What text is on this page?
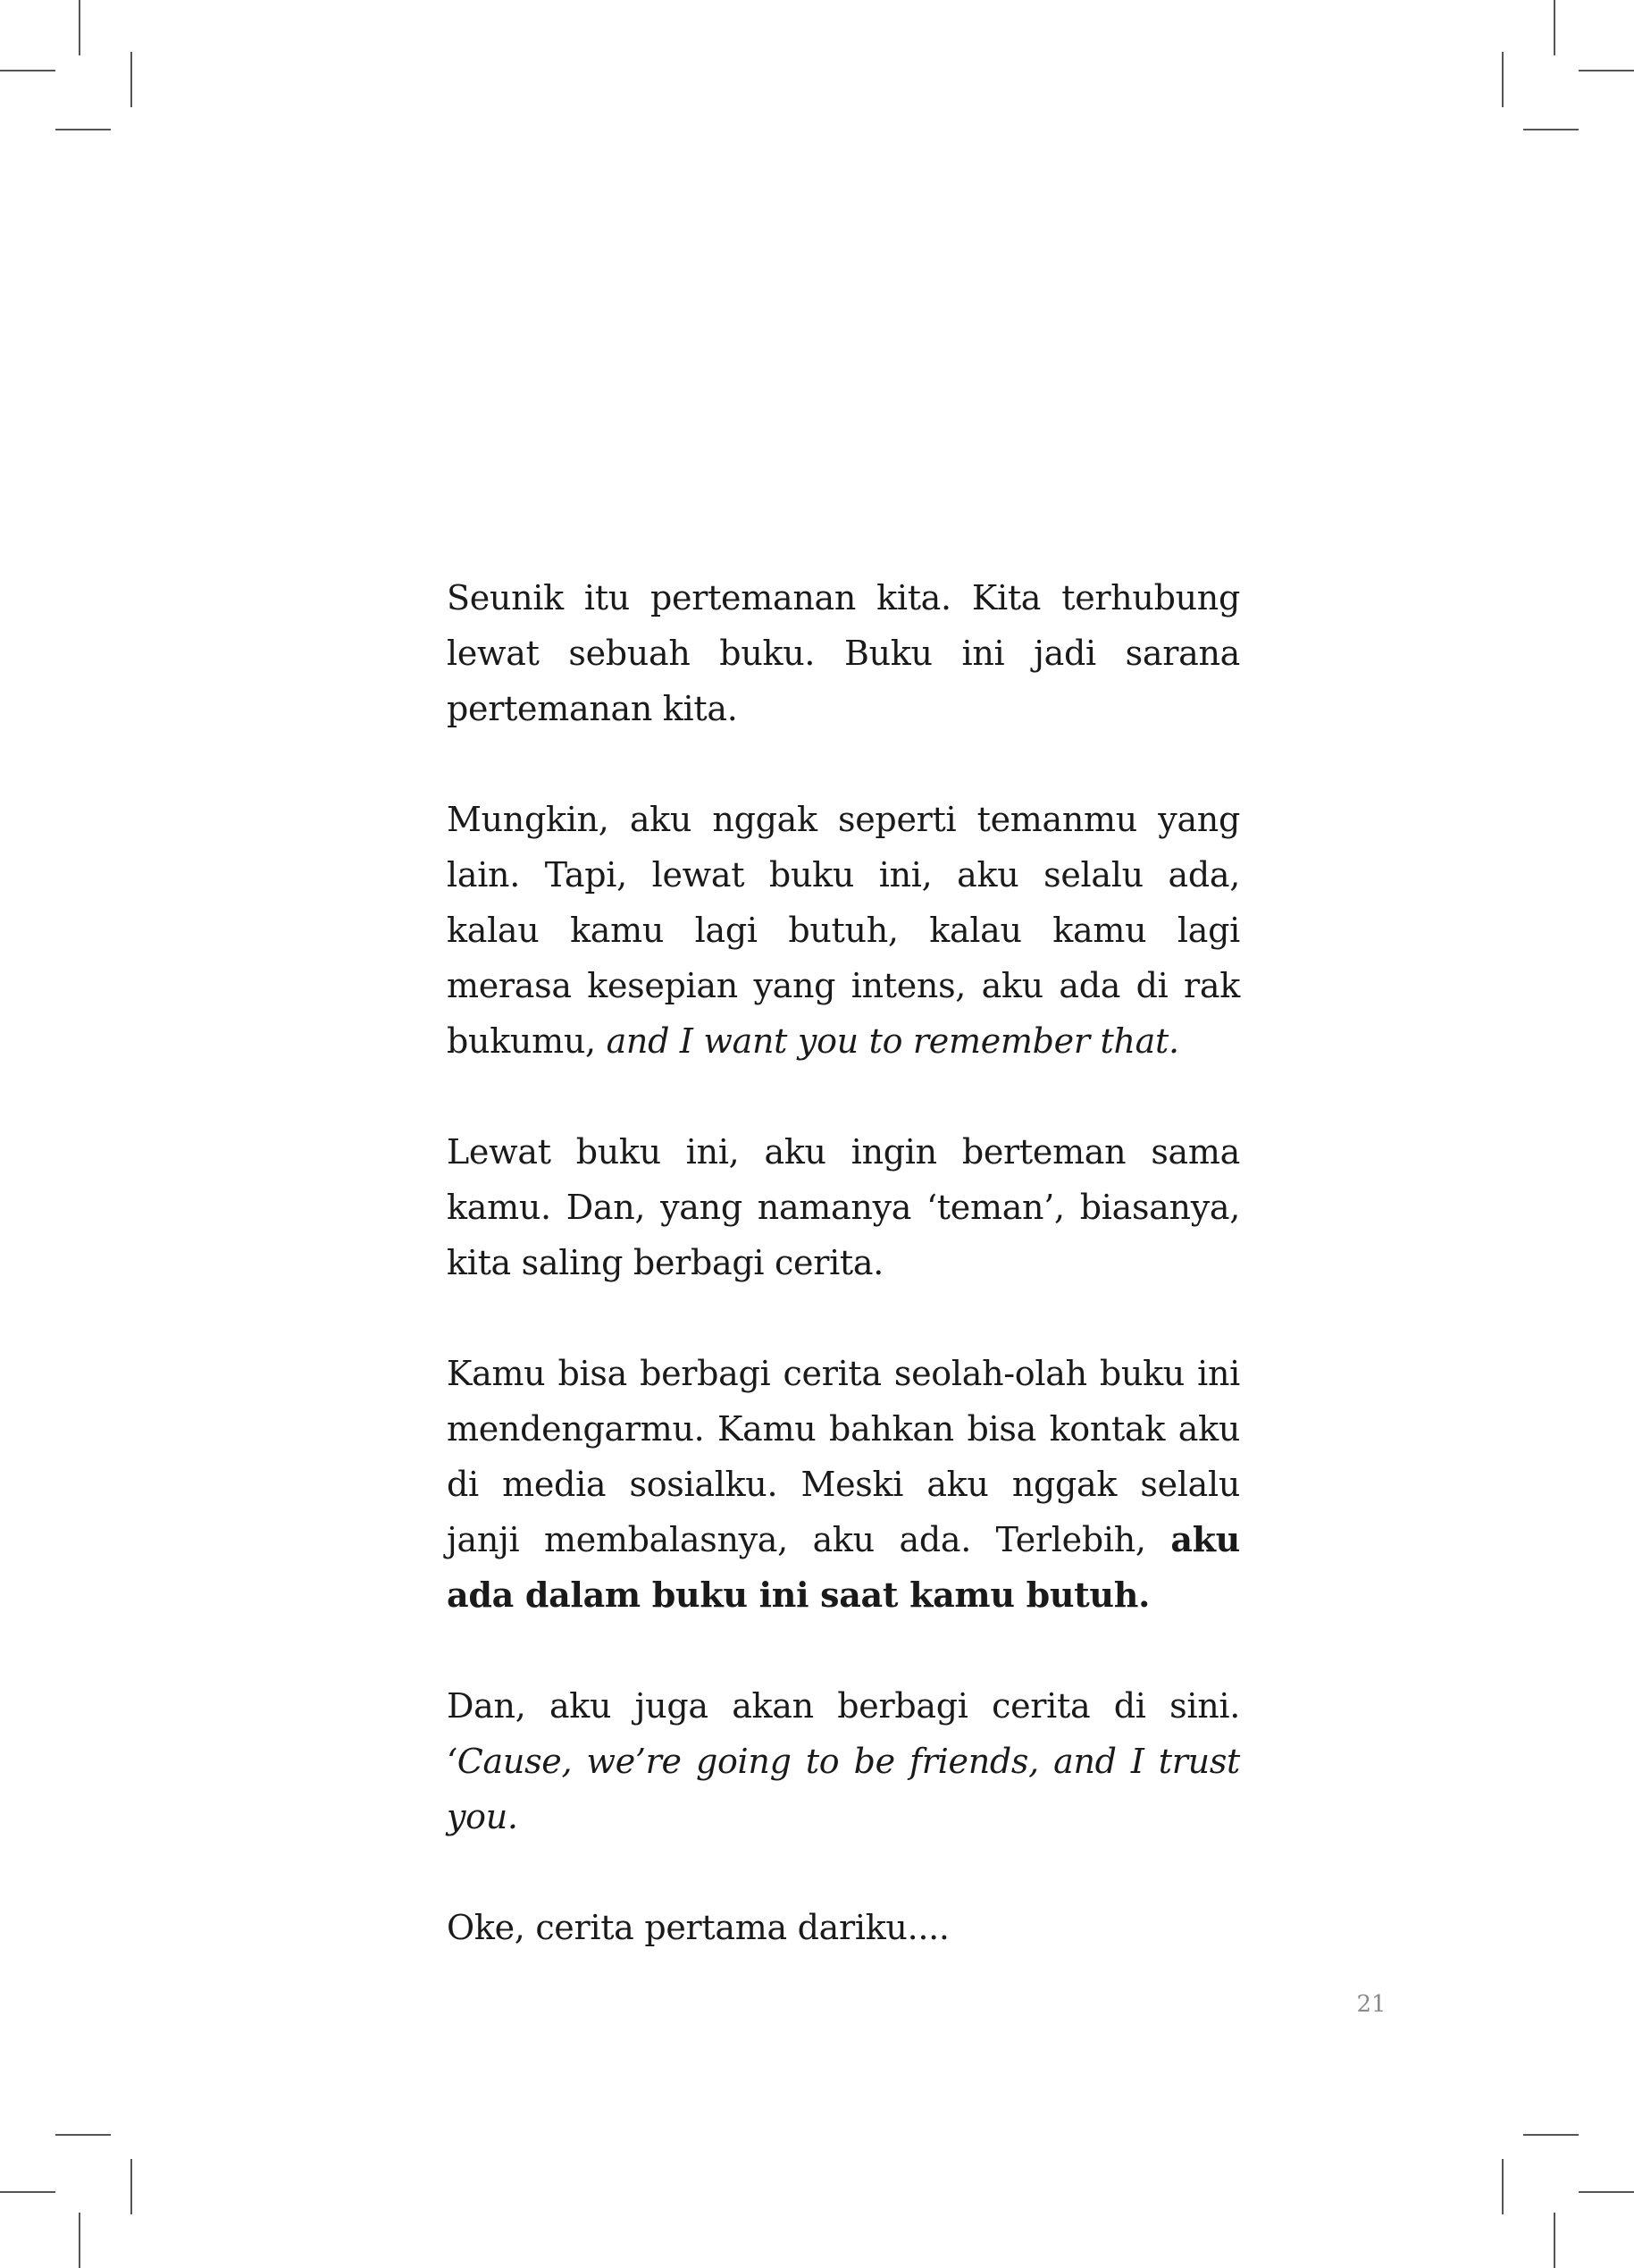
Seunik itu pertemanan kita. Kita terhubung lewat sebuah buku. Buku ini jadi sarana pertemanan kita.

Mungkin, aku nggak seperti temanmu yang lain. Tapi, lewat buku ini, aku selalu ada, kalau kamu lagi butuh, kalau kamu lagi merasa kesepian yang intens, aku ada di rak bukumu, and I want you to remember that.

Lewat buku ini, aku ingin berteman sama kamu. Dan, yang namanya ‘teman’, biasanya, kita saling berbagi cerita.

Kamu bisa berbagi cerita seolah-olah buku ini mendengarmu. Kamu bahkan bisa kontak aku di media sosialku. Meski aku nggak selalu janji membalasnya, aku ada. Terlebih, aku ada dalam buku ini saat kamu butuh.

Dan, aku juga akan berbagi cerita di sini. ‘Cause, we’re going to be friends, and I trust you.

Oke, cerita pertama dariku....

21
